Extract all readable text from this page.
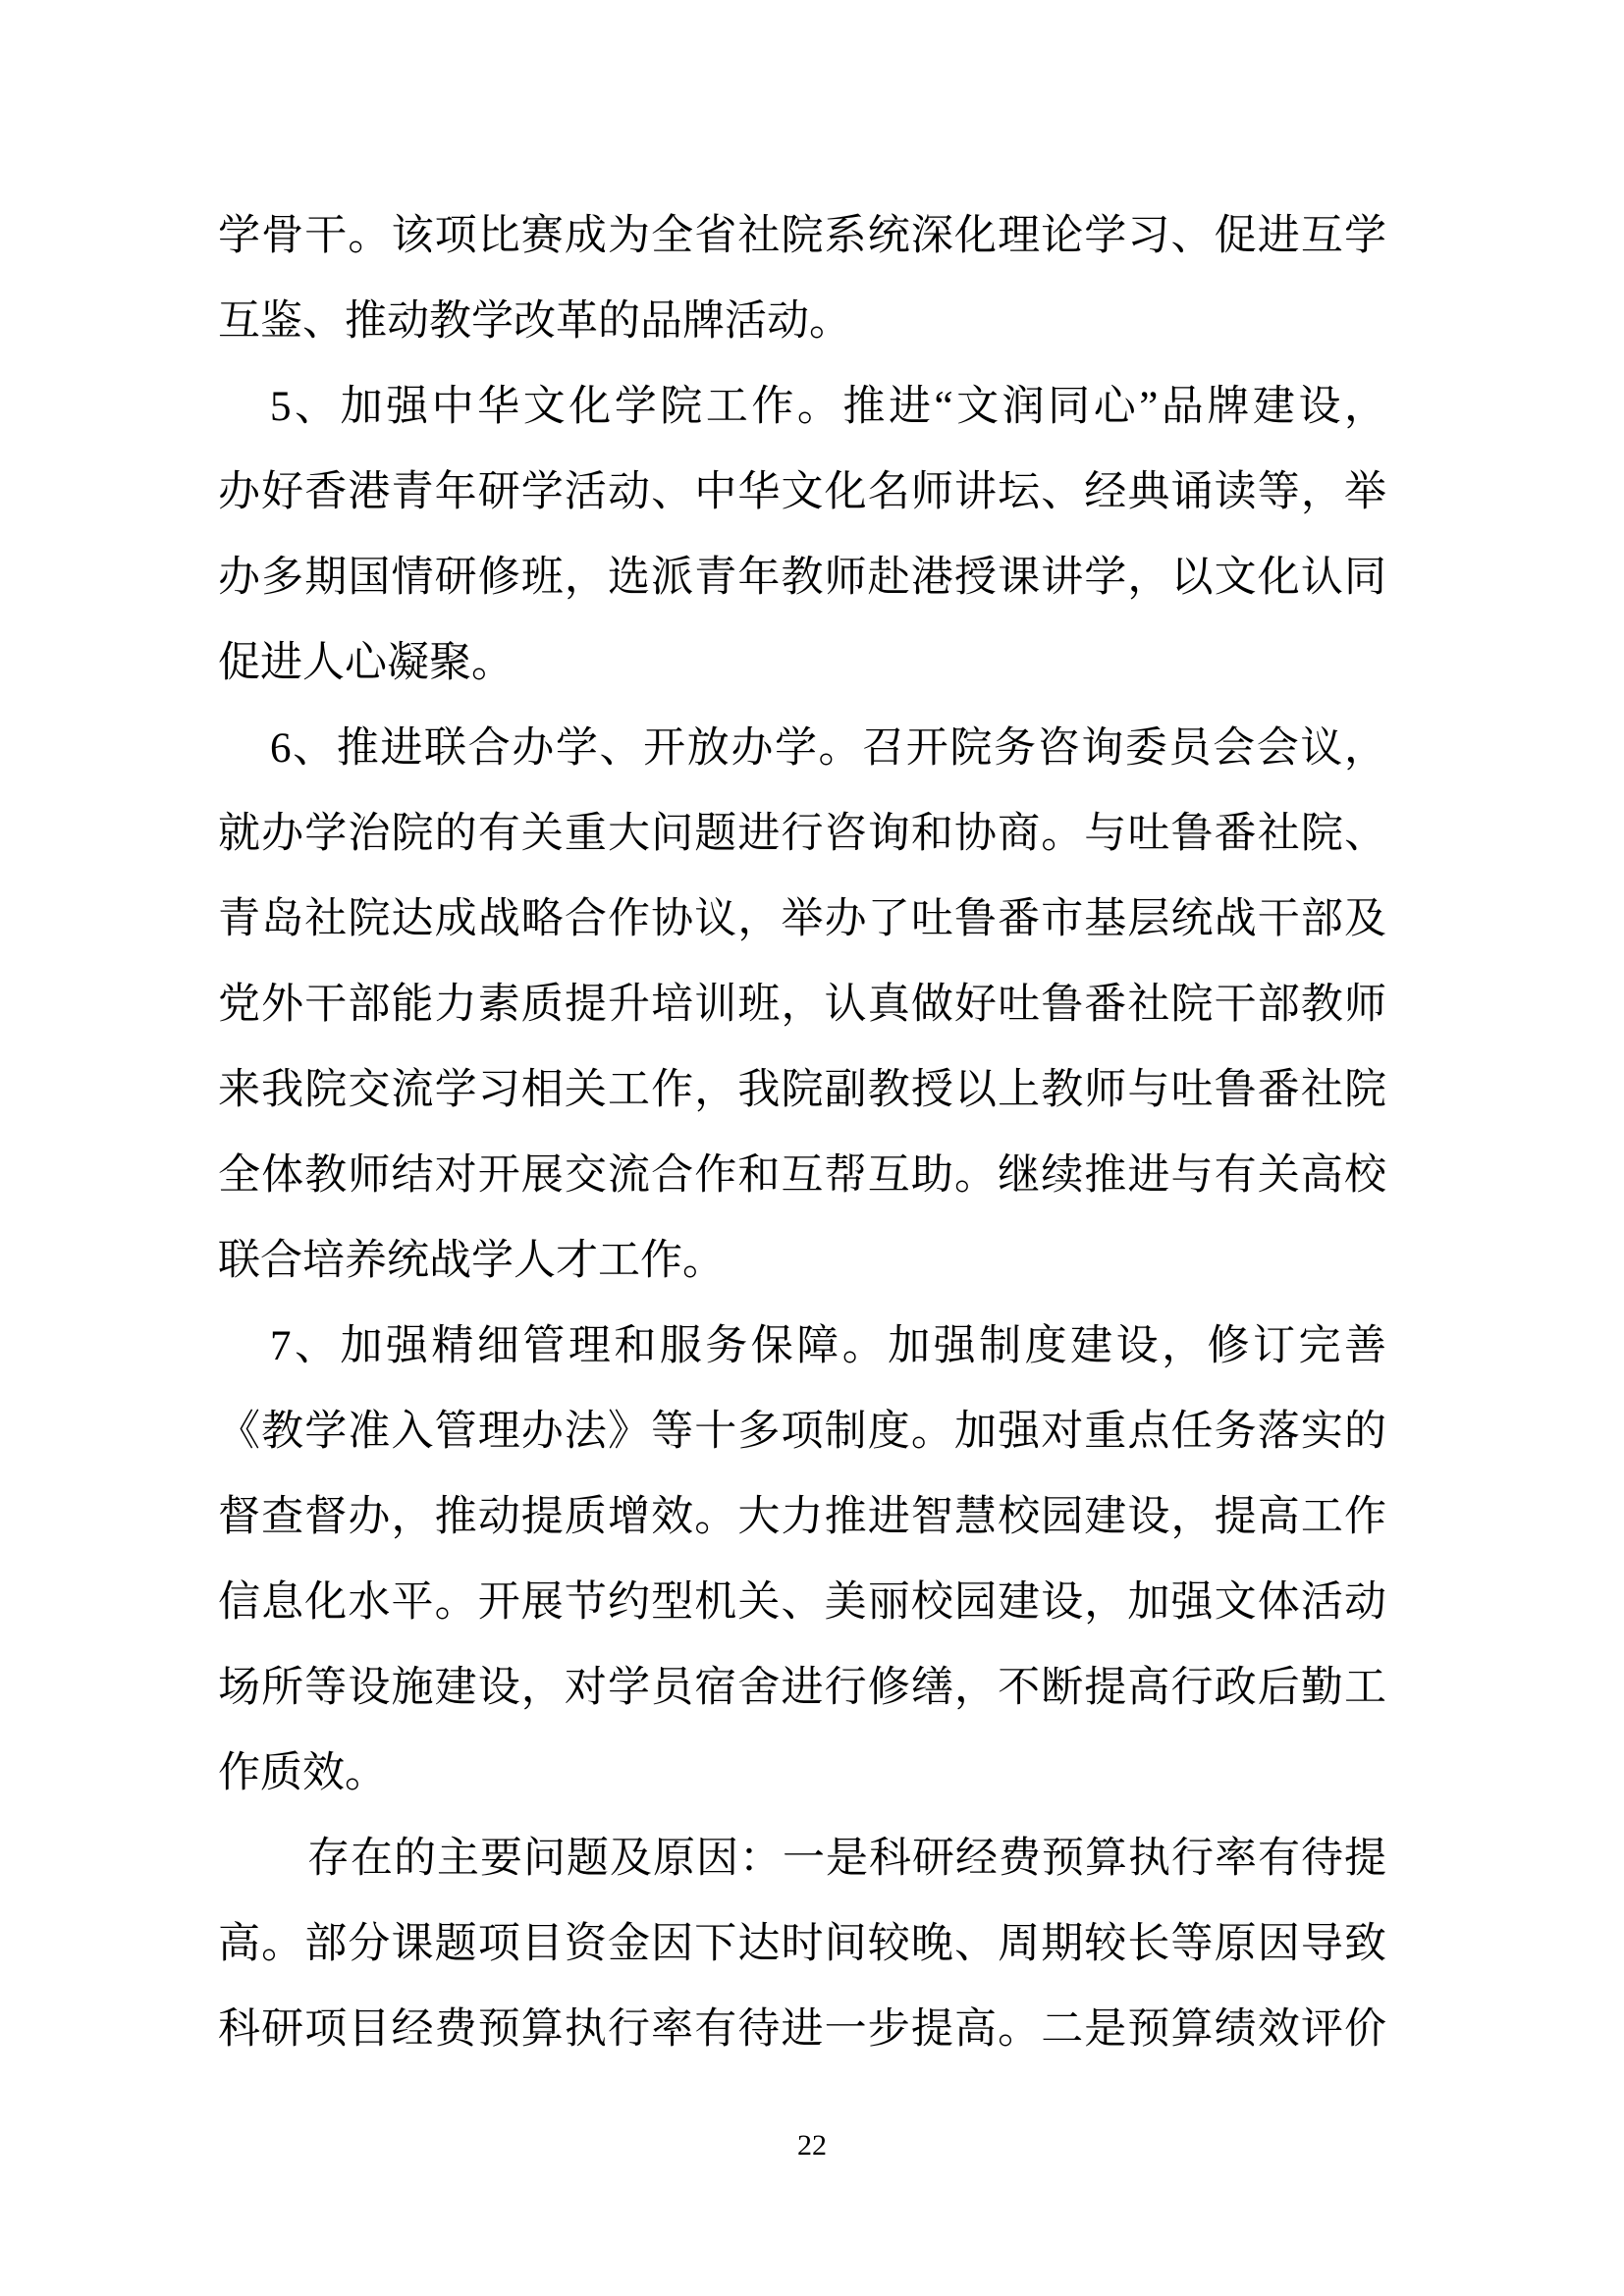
学骨干。该项比赛成为全省社院系统深化理论学习、促进互学
互鉴、推动教学改革的品牌活动。
5、加强中华文化学院工作。推进“文润同心”品牌建设，
办好香港青年研学活动、中华文化名师讲坛、经典诵读等，举
办多期国情研修班，选派青年教师赴港授课讲学，以文化认同
促进人心凝聚。
6、推进联合办学、开放办学。召开院务咨询委员会会议，
就办学治院的有关重大问题进行咨询和协商。与吐鲁番社院、
青岛社院达成战略合作协议，举办了吐鲁番市基层统战干部及
党外干部能力素质提升培训班，认真做好吐鲁番社院干部教师
来我院交流学习相关工作，我院副教授以上教师与吐鲁番社院
全体教师结对开展交流合作和互帮互助。继续推进与有关高校
联合培养统战学人才工作。
7、加强精细管理和服务保障。加强制度建设，修订完善
《教学准入管理办法》等十多项制度。加强对重点任务落实的
督查督办，推动提质增效。大力推进智慧校园建设，提高工作
信息化水平。开展节约型机关、美丽校园建设，加强文体活动
场所等设施建设，对学员宿舍进行修缮，不断提高行政后勤工
作质效。
存在的主要问题及原因：一是科研经费预算执行率有待提
高。部分课题项目资金因下达时间较晚、周期较长等原因导致
科研项目经费预算执行率有待进一步提高。二是预算绩效评价
22
